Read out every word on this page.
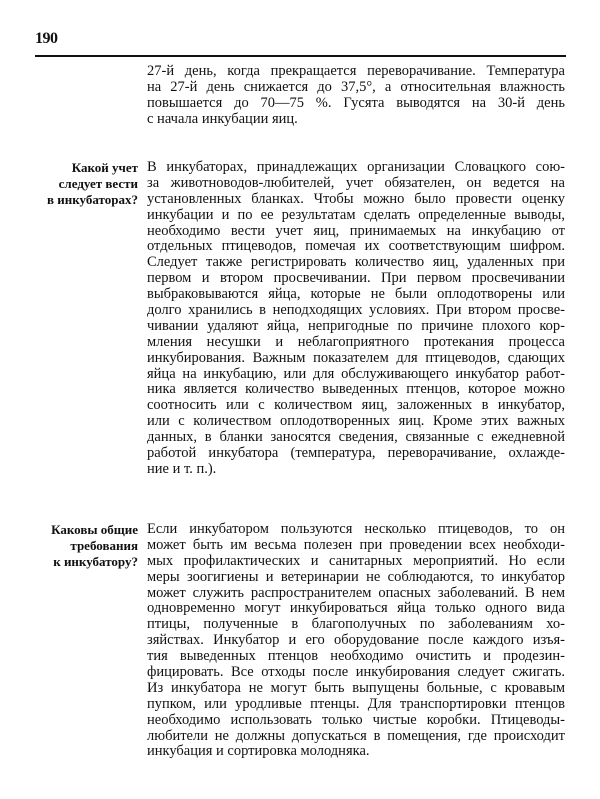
190
27-й день, когда прекращается переворачивание. Температура
на 27-й день снижается до 37,5°, а относительная влажность
повышается до 70—75 %. Гусята выводятся на 30-й день
с начала инкубации яиц.
Какой учет
следует вести
в инкубаторах?
В инкубаторах, принадлежащих организации Словацкого сою-
за животноводов-любителей, учет обязателен, он ведется на
установленных бланках. Чтобы можно было провести оценку
инкубации и по ее результатам сделать определенные выводы,
необходимо вести учет яиц, принимаемых на инкубацию от
отдельных птицеводов, помечая их соответствующим шифром.
Следует также регистрировать количество яиц, удаленных при
первом и втором просвечивании. При первом просвечивании
выбраковываются яйца, которые не были оплодотворены или
долго хранились в неподходящих условиях. При втором просве-
чивании удаляют яйца, непригодные по причине плохого кор-
мления несушки и неблагоприятного протекания процесса
инкубирования. Важным показателем для птицеводов, сдающих
яйца на инкубацию, или для обслуживающего инкубатор работ-
ника является количество выведенных птенцов, которое можно
соотносить или с количеством яиц, заложенных в инкубатор,
или с количеством оплодотворенных яиц. Кроме этих важных
данных, в бланки заносятся сведения, связанные с ежедневной
работой инкубатора (температура, переворачивание, охлажде-
ние и т. п.).
Каковы общие
требования
к инкубатору?
Если инкубатором пользуются несколько птицеводов, то он
может быть им весьма полезен при проведении всех необходи-
мых профилактических и санитарных мероприятий. Но если
меры зоогигиены и ветеринарии не соблюдаются, то инкубатор
может служить распространителем опасных заболеваний. В нем
одновременно могут инкубироваться яйца только одного вида
птицы, полученные в благополучных по заболеваниям хо-
зяйствах. Инкубатор и его оборудование после каждого изъя-
тия выведенных птенцов необходимо очистить и продезин-
фицировать. Все отходы после инкубирования следует сжигать.
Из инкубатора не могут быть выпущены больные, с кровавым
пупком, или уродливые птенцы. Для транспортировки птенцов
необходимо использовать только чистые коробки. Птицеводы-
любители не должны допускаться в помещения, где происходит
инкубация и сортировка молодняка.
